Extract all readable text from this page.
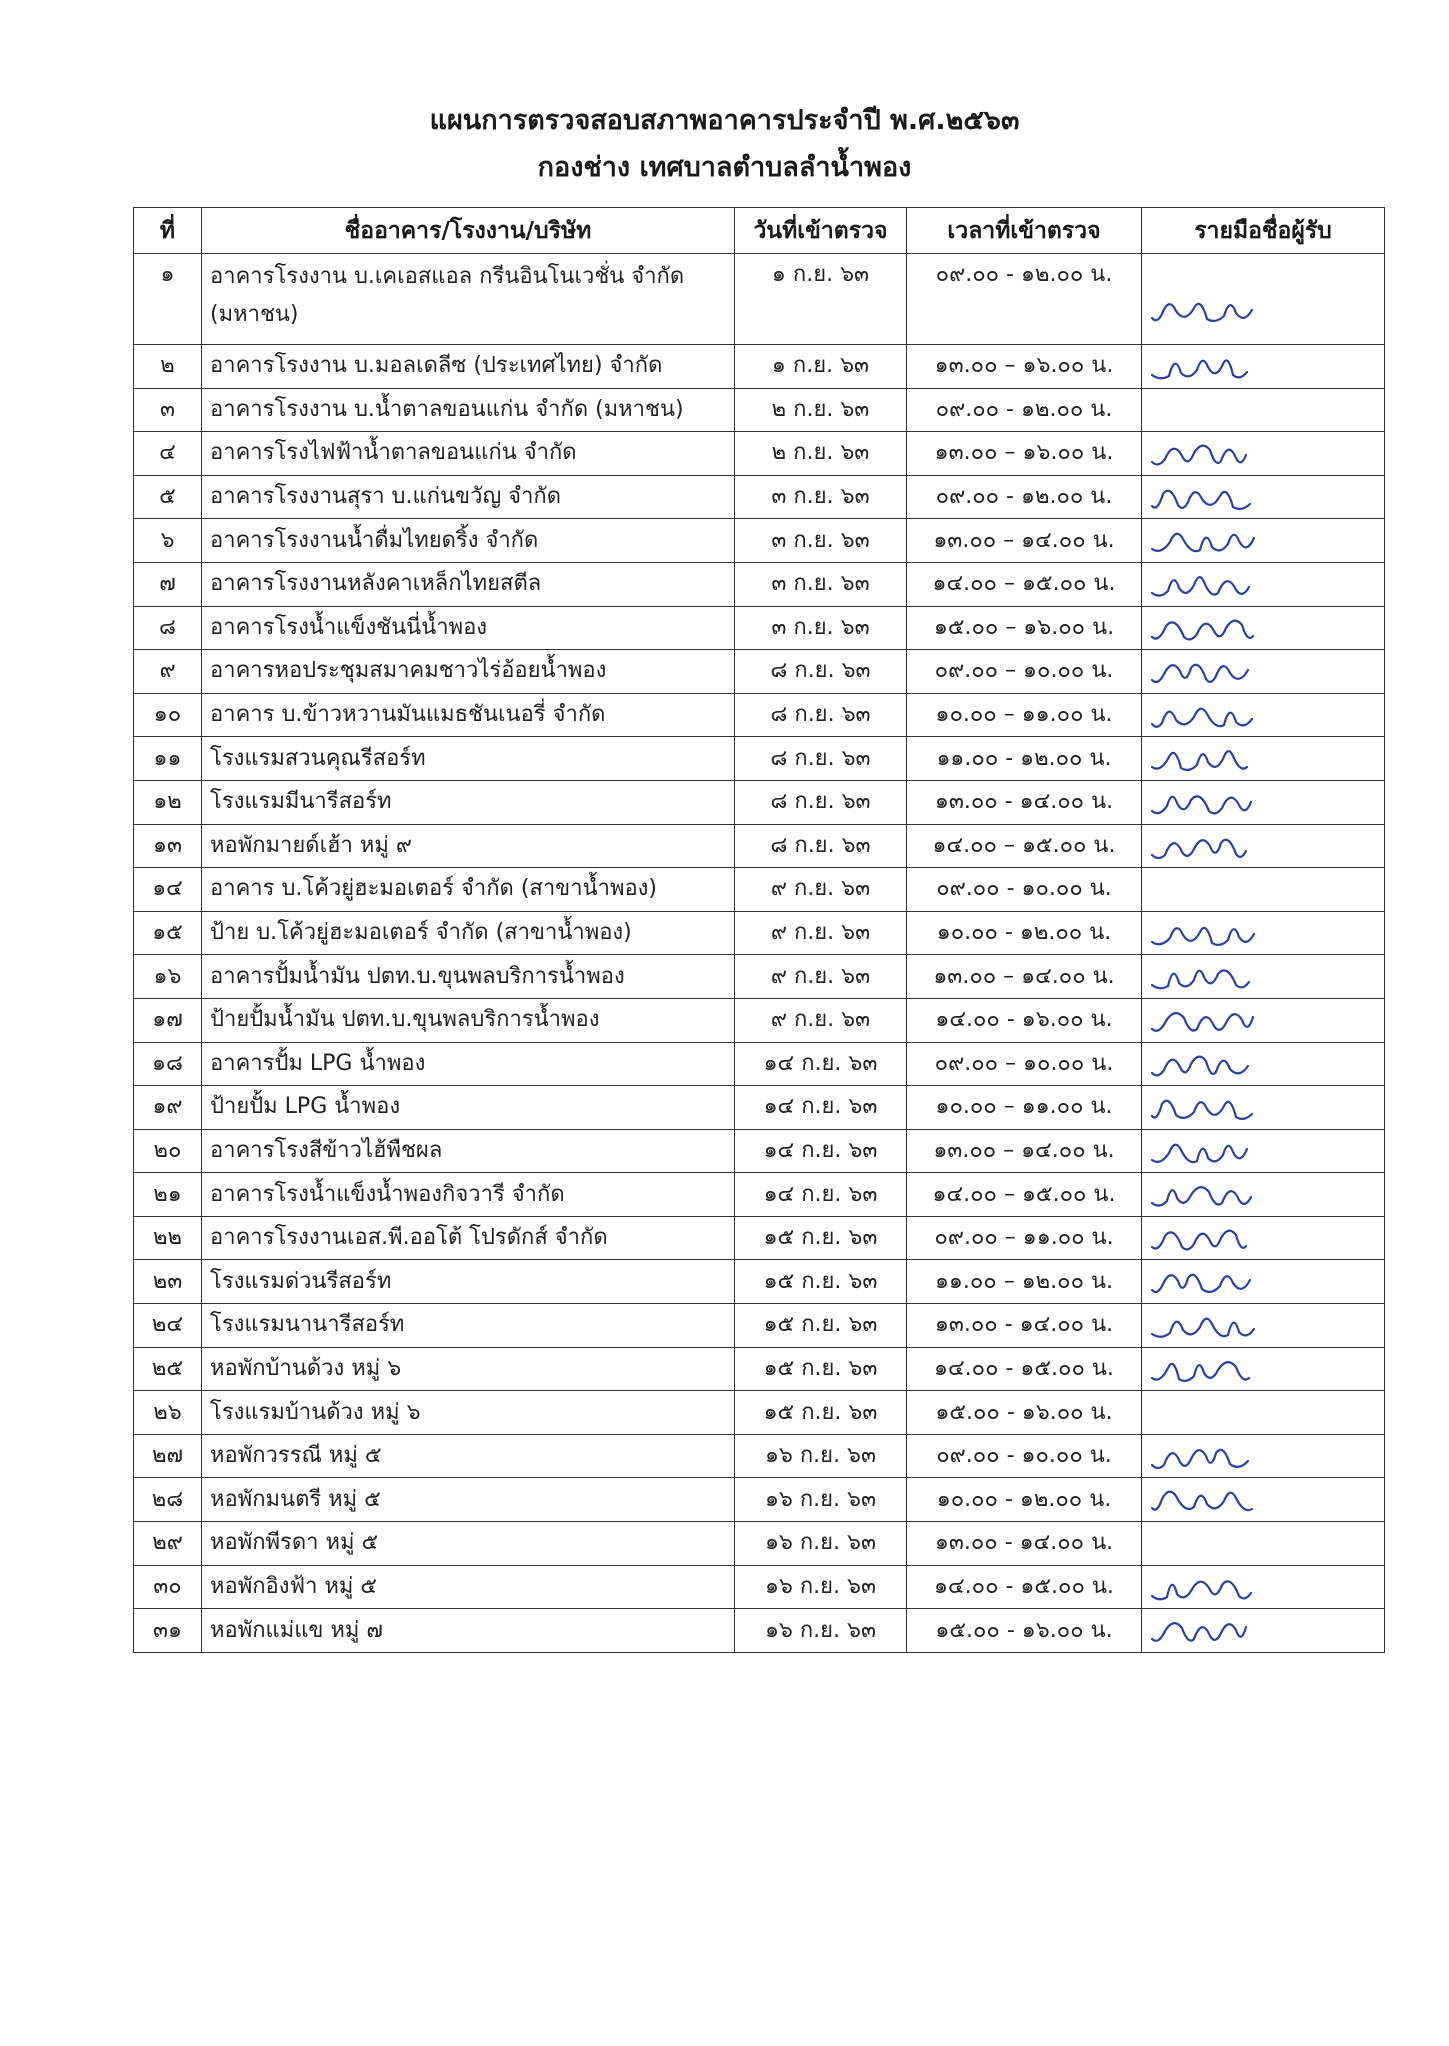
แผนการตรวจสอบสภาพอาคารประจำปี พ.ศ.๒๕๖๓
กองช่าง เทศบาลตำบลลำน้ำพอง
ที่	ชื่ออาคาร/โรงงาน/บริษัท	วันที่เข้าตรวจ	เวลาที่เข้าตรวจ	รายมือชื่อผู้รับ
๑	อาคารโรงงาน บ.เคเอสแอล กรีนอินโนเวชั่น จำกัด (มหาชน)	๑ ก.ย. ๖๓	๐๙.๐๐ - ๑๒.๐๐ น.	

๒	อาคารโรงงาน บ.มอลเดลีซ (ประเทศไทย) จำกัด	๑ ก.ย. ๖๓	๑๓.๐๐ – ๑๖.๐๐ น.	

๓	อาคารโรงงาน บ.น้ำตาลขอนแก่น จำกัด (มหาชน)	๒ ก.ย. ๖๓	๐๙.๐๐ - ๑๒.๐๐ น.	
๔	อาคารโรงไฟฟ้าน้ำตาลขอนแก่น จำกัด	๒ ก.ย. ๖๓	๑๓.๐๐ – ๑๖.๐๐ น.	

๕	อาคารโรงงานสุรา บ.แก่นขวัญ จำกัด	๓ ก.ย. ๖๓	๐๙.๐๐ - ๑๒.๐๐ น.	

๖	อาคารโรงงานน้ำดื่มไทยดริ้ง จำกัด	๓ ก.ย. ๖๓	๑๓.๐๐ – ๑๔.๐๐ น.	

๗	อาคารโรงงานหลังคาเหล็กไทยสตีล	๓ ก.ย. ๖๓	๑๔.๐๐ – ๑๕.๐๐ น.	

๘	อาคารโรงน้ำแข็งชันนี่น้ำพอง	๓ ก.ย. ๖๓	๑๕.๐๐ – ๑๖.๐๐ น.	

๙	อาคารหอประชุมสมาคมชาวไร่อ้อยน้ำพอง	๘ ก.ย. ๖๓	๐๙.๐๐ – ๑๐.๐๐ น.	

๑๐	อาคาร บ.ข้าวหวานมันแมธชันเนอรี่ จำกัด	๘ ก.ย. ๖๓	๑๐.๐๐ – ๑๑.๐๐ น.	

๑๑	โรงแรมสวนคุณรีสอร์ท	๘ ก.ย. ๖๓	๑๑.๐๐ - ๑๒.๐๐ น.	

๑๒	โรงแรมมีนารีสอร์ท	๘ ก.ย. ๖๓	๑๓.๐๐ - ๑๔.๐๐ น.	

๑๓	หอพักมายด์เฮ้า หมู่ ๙	๘ ก.ย. ๖๓	๑๔.๐๐ – ๑๕.๐๐ น.	

๑๔	อาคาร บ.โค้วยู่ฮะมอเตอร์ จำกัด (สาขาน้ำพอง)	๙ ก.ย. ๖๓	๐๙.๐๐ - ๑๐.๐๐ น.	
๑๕	ป้าย บ.โค้วยู่ฮะมอเตอร์ จำกัด (สาขาน้ำพอง)	๙ ก.ย. ๖๓	๑๐.๐๐ - ๑๒.๐๐ น.	

๑๖	อาคารปั้มน้ำมัน ปตท.บ.ขุนพลบริการน้ำพอง	๙ ก.ย. ๖๓	๑๓.๐๐ – ๑๔.๐๐ น.	

๑๗	ป้ายปั้มน้ำมัน ปตท.บ.ขุนพลบริการน้ำพอง	๙ ก.ย. ๖๓	๑๔.๐๐ - ๑๖.๐๐ น.	

๑๘	อาคารปั้ม LPG น้ำพอง	๑๔ ก.ย. ๖๓	๐๙.๐๐ – ๑๐.๐๐ น.	

๑๙	ป้ายปั้ม LPG น้ำพอง	๑๔ ก.ย. ๖๓	๑๐.๐๐ – ๑๑.๐๐ น.	

๒๐	อาคารโรงสีข้าวไฮ้พืชผล	๑๔ ก.ย. ๖๓	๑๓.๐๐ – ๑๔.๐๐ น.	

๒๑	อาคารโรงน้ำแข็งน้ำพองกิจวารี จำกัด	๑๔ ก.ย. ๖๓	๑๔.๐๐ – ๑๕.๐๐ น.	

๒๒	อาคารโรงงานเอส.พี.ออโต้ โปรดักส์ จำกัด	๑๕ ก.ย. ๖๓	๐๙.๐๐ – ๑๑.๐๐ น.	

๒๓	โรงแรมด่วนรีสอร์ท	๑๕ ก.ย. ๖๓	๑๑.๐๐ – ๑๒.๐๐ น.	

๒๔	โรงแรมนานารีสอร์ท	๑๕ ก.ย. ๖๓	๑๓.๐๐ - ๑๔.๐๐ น.	

๒๕	หอพักบ้านด้วง หมู่ ๖	๑๕ ก.ย. ๖๓	๑๔.๐๐ - ๑๕.๐๐ น.	

๒๖	โรงแรมบ้านด้วง หมู่ ๖	๑๕ ก.ย. ๖๓	๑๕.๐๐ - ๑๖.๐๐ น.	
๒๗	หอพักวรรณี หมู่ ๕	๑๖ ก.ย. ๖๓	๐๙.๐๐ - ๑๐.๐๐ น.	

๒๘	หอพักมนตรี หมู่ ๕	๑๖ ก.ย. ๖๓	๑๐.๐๐ - ๑๒.๐๐ น.	

๒๙	หอพักพีรดา หมู่ ๕	๑๖ ก.ย. ๖๓	๑๓.๐๐ - ๑๔.๐๐ น.	
๓๐	หอพักอิงฟ้า หมู่ ๕	๑๖ ก.ย. ๖๓	๑๔.๐๐ - ๑๕.๐๐ น.	

๓๑	หอพักแม่แข หมู่ ๗	๑๖ ก.ย. ๖๓	๑๕.๐๐ - ๑๖.๐๐ น.	
